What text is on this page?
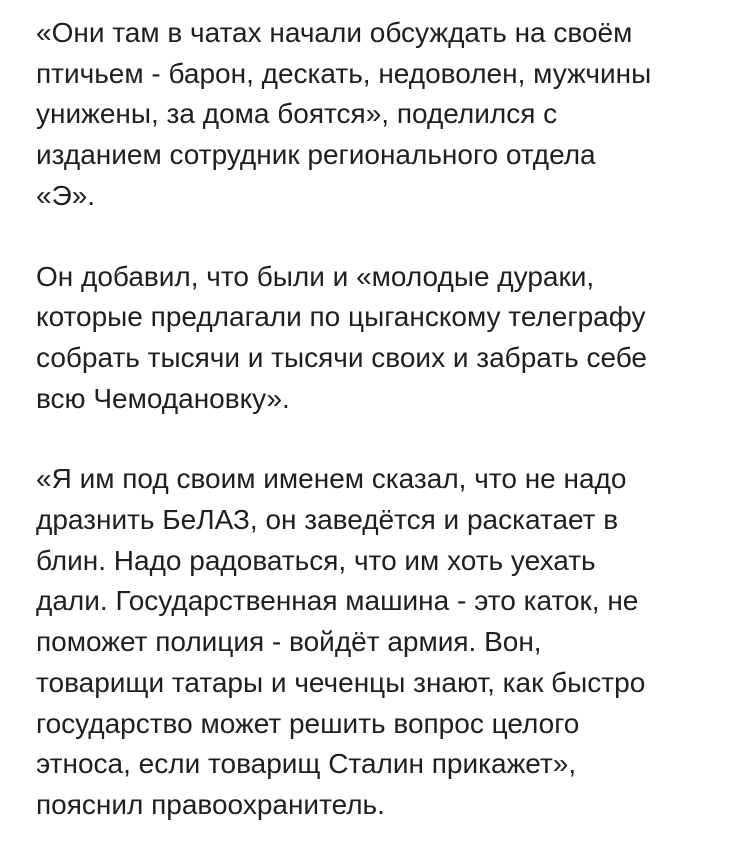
«Они там в чатах начали обсуждать на своём
птичьем - барон, дескать, недоволен, мужчины
унижены, за дома боятся», поделился с
изданием сотрудник регионального отдела
«Э».

Он добавил, что были и «молодые дураки,
которые предлагали по цыганскому телеграфу
собрать тысячи и тысячи своих и забрать себе
всю Чемодановку».

«Я им под своим именем сказал, что не надо
дразнить БеЛАЗ, он заведётся и раскатает в
блин. Надо радоваться, что им хоть уехать
дали. Государственная машина - это каток, не
поможет полиция - войдёт армия. Вон,
товарищи татары и чеченцы знают, как быстро
государство может решить вопрос целого
этноса, если товарищ Сталин прикажет»,
пояснил правоохранитель.
